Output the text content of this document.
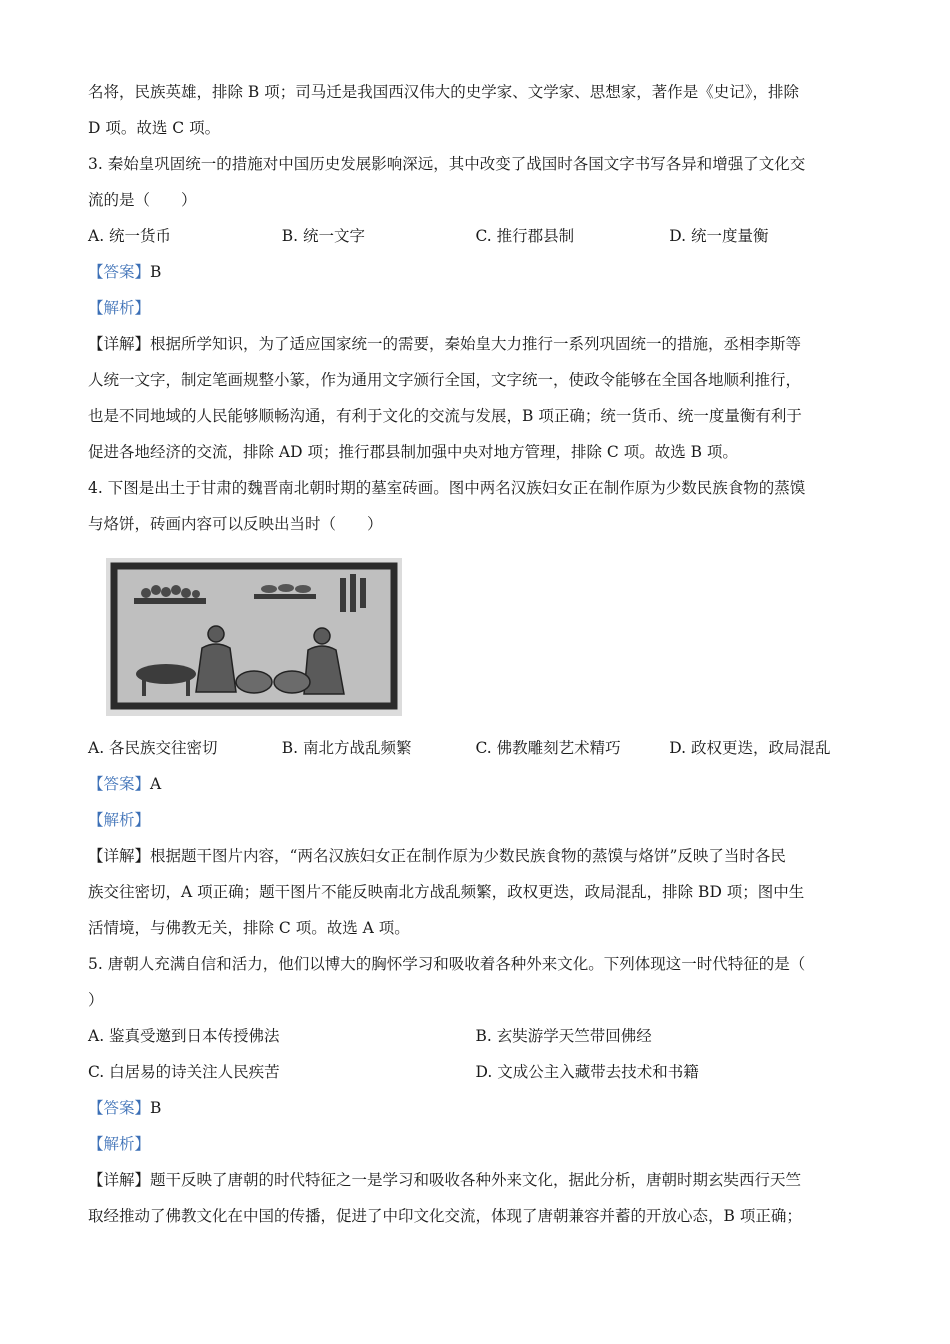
名将，民族英雄，排除 B 项；司马迁是我国西汉伟大的史学家、文学家、思想家，著作是《史记》，排除
D 项。故选 C 项。
3. 秦始皇巩固统一的措施对中国历史发展影响深远，其中改变了战国时各国文字书写各异和增强了文化交
流的是（　　）
A. 统一货币	B. 统一文字	C. 推行郡县制	D. 统一度量衡
【答案】B
【解析】
【详解】根据所学知识，为了适应国家统一的需要，秦始皇大力推行一系列巩固统一的措施，丞相李斯等
人统一文字，制定笔画规整小篆，作为通用文字颁行全国，文字统一，使政令能够在全国各地顺利推行，
也是不同地域的人民能够顺畅沟通，有利于文化的交流与发展，B 项正确；统一货币、统一度量衡有利于
促进各地经济的交流，排除 AD 项；推行郡县制加强中央对地方管理，排除 C 项。故选 B 项。
4. 下图是出土于甘肃的魏晋南北朝时期的墓室砖画。图中两名汉族妇女正在制作原为少数民族食物的蒸馍
与烙饼，砖画内容可以反映出当时（　　）
A. 各民族交往密切	B. 南北方战乱频繁	C. 佛教雕刻艺术精巧	D. 政权更迭，政局混乱
【答案】A
【解析】
【详解】根据题干图片内容，“两名汉族妇女正在制作原为少数民族食物的蒸馍与烙饼”反映了当时各民
族交往密切，A 项正确；题干图片不能反映南北方战乱频繁，政权更迭，政局混乱，排除 BD 项；图中生
活情境，与佛教无关，排除 C 项。故选 A 项。
5. 唐朝人充满自信和活力，他们以博大的胸怀学习和吸收着各种外来文化。下列体现这一时代特征的是（
）
A. 鉴真受邀到日本传授佛法	B. 玄奘游学天竺带回佛经
C. 白居易的诗关注人民疾苦	D. 文成公主入藏带去技术和书籍
【答案】B
【解析】
【详解】题干反映了唐朝的时代特征之一是学习和吸收各种外来文化，据此分析，唐朝时期玄奘西行天竺
取经推动了佛教文化在中国的传播，促进了中印文化交流，体现了唐朝兼容并蓄的开放心态，B 项正确；
